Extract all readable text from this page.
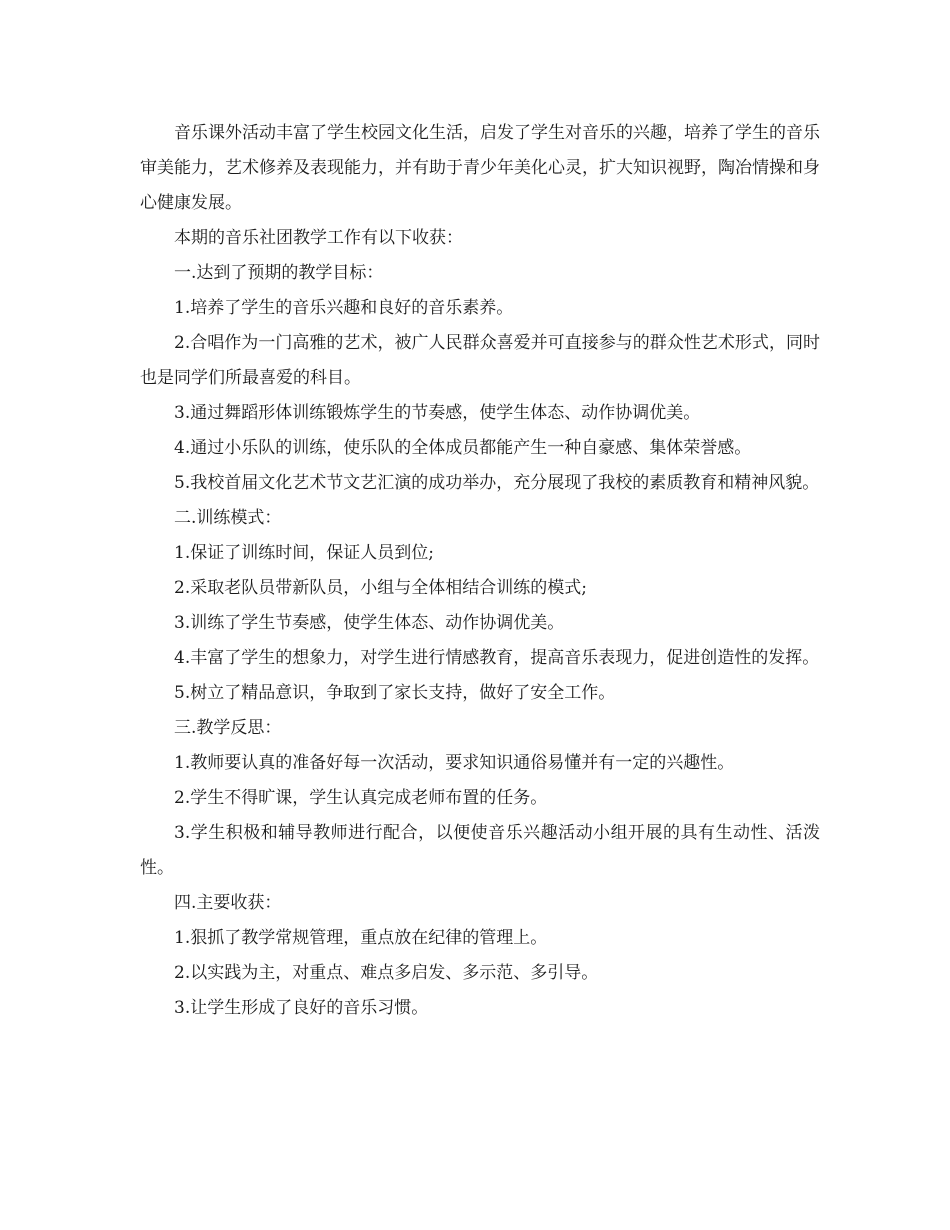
音乐课外活动丰富了学生校园文化生活，启发了学生对音乐的兴趣，培养了学生的音乐审美能力，艺术修养及表现能力，并有助于青少年美化心灵，扩大知识视野，陶冶情操和身心健康发展。

本期的音乐社团教学工作有以下收获：

一.达到了预期的教学目标：

1.培养了学生的音乐兴趣和良好的音乐素养。

2.合唱作为一门高雅的艺术，被广人民群众喜爱并可直接参与的群众性艺术形式，同时也是同学们所最喜爱的科目。

3.通过舞蹈形体训练锻炼学生的节奏感，使学生体态、动作协调优美。

4.通过小乐队的训练，使乐队的全体成员都能产生一种自豪感、集体荣誉感。

5.我校首届文化艺术节文艺汇演的成功举办，充分展现了我校的素质教育和精神风貌。

二.训练模式：

1.保证了训练时间，保证人员到位;

2.采取老队员带新队员，小组与全体相结合训练的模式;

3.训练了学生节奏感，使学生体态、动作协调优美。

4.丰富了学生的想象力，对学生进行情感教育，提高音乐表现力，促进创造性的发挥。

5.树立了精品意识，争取到了家长支持，做好了安全工作。

三.教学反思：

1.教师要认真的准备好每一次活动，要求知识通俗易懂并有一定的兴趣性。

2.学生不得旷课，学生认真完成老师布置的任务。

3.学生积极和辅导教师进行配合，以便使音乐兴趣活动小组开展的具有生动性、活泼性。

四.主要收获：

1.狠抓了教学常规管理，重点放在纪律的管理上。

2.以实践为主，对重点、难点多启发、多示范、多引导。

3.让学生形成了良好的音乐习惯。
